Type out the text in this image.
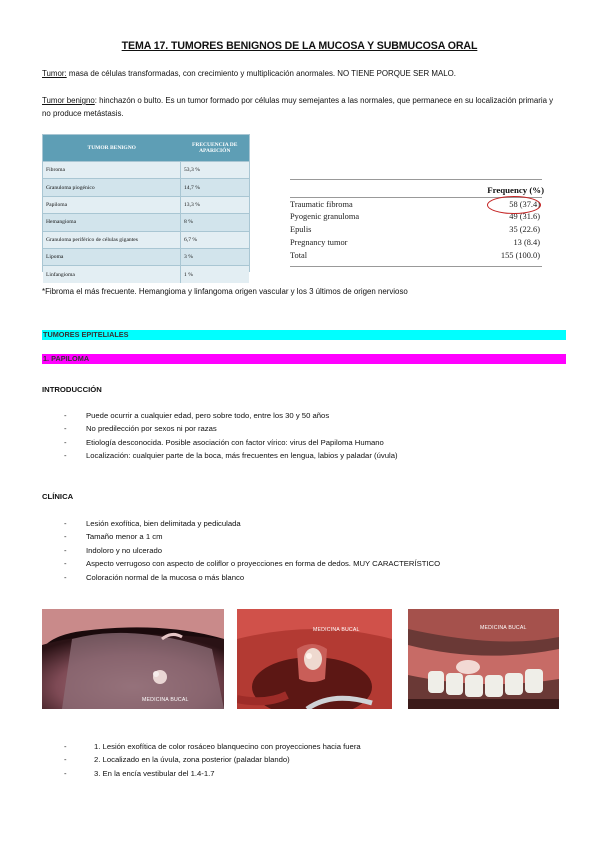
TEMA 17. TUMORES BENIGNOS DE LA MUCOSA Y SUBMUCOSA ORAL
Tumor: masa de células transformadas, con crecimiento y multiplicación anormales. NO TIENE PORQUE SER MALO.
Tumor benigno: hinchazón o bulto. Es un tumor formado por células muy semejantes a las normales, que permanece en su localización primaria y no produce metástasis.
TUMOR BENIGNO	FRECUENCIA DE APARICIÓN
Fibroma	53,3 %
Granuloma piogénico	14,7 %
Papiloma	13,3 %
Hemangioma	8 %
Granuloma periférico de células gigantes	6,7 %
Lipoma	3 %
Linfangioma	1 %
Frequency (%)
Traumatic fibroma	58 (37.4)
Pyogenic granuloma	49 (31.6)
Epulis	35 (22.6)
Pregnancy tumor	13 (8.4)
Total	155 (100.0)
*Fibroma el más frecuente. Hemangioma y linfangoma origen vascular y los 3 últimos de origen nervioso
TUMORES EPITELIALES
1. PAPILOMA
INTRODUCCIÓN
- Puede ocurrir a cualquier edad, pero sobre todo, entre los 30 y 50 años
- No predilección por sexos ni por razas
- Etiología desconocida. Posible asociación con factor vírico: virus del Papiloma Humano
- Localización: cualquier parte de la boca, más frecuentes en lengua, labios y paladar (úvula)
CLÍNICA
- Lesión exofítica, bien delimitada y pediculada
- Tamaño menor a 1 cm
- Indoloro y no ulcerado
- Aspecto verrugoso con aspecto de coliflor o proyecciones en forma de dedos. MUY CARACTERÍSTICO
- Coloración normal de la mucosa o más blanco
MEDICINA BUCAL
MEDICINA BUCAL	MEDICINA BUCAL
- 1. Lesión exofítica de color rosáceo blanquecino con proyecciones hacia fuera
- 2. Localizado en la úvula, zona posterior (paladar blando)
- 3. En la encía vestibular del 1.4-1.7
